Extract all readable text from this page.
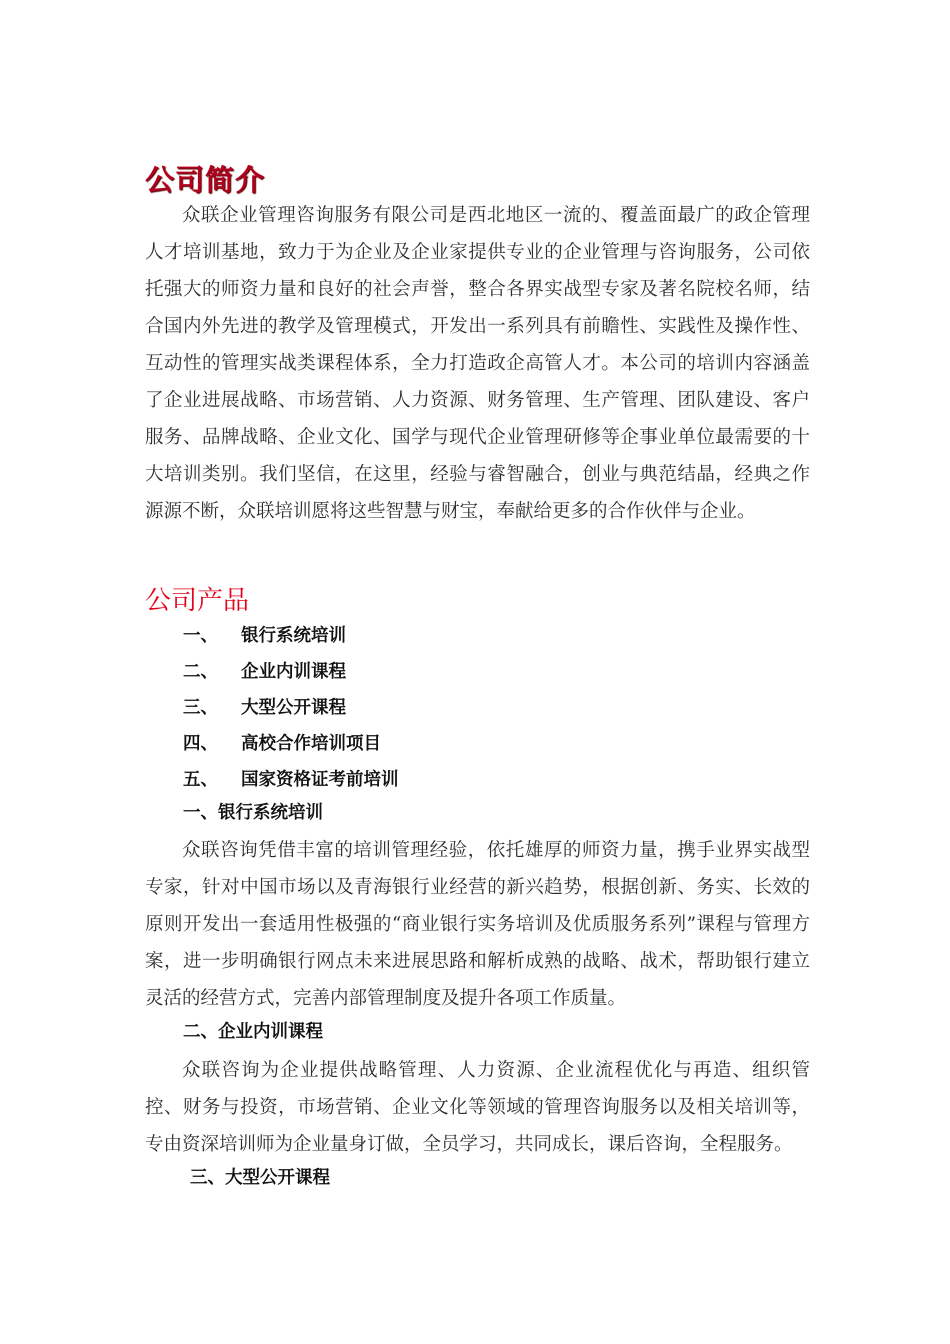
公司简介

众联企业管理咨询服务有限公司是西北地区一流的、覆盖面最广的政企管理人才培训基地，致力于为企业及企业家提供专业的企业管理与咨询服务，公司依托强大的师资力量和良好的社会声誉，整合各界实战型专家及著名院校名师，结合国内外先进的教学及管理模式，开发出一系列具有前瞻性、实践性及操作性、互动性的管理实战类课程体系，全力打造政企高管人才。本公司的培训内容涵盖了企业进展战略、市场营销、人力资源、财务管理、生产管理、团队建设、客户服务、品牌战略、企业文化、国学与现代企业管理研修等企事业单位最需要的十大培训类别。我们坚信，在这里，经验与睿智融合，创业与典范结晶，经典之作源源不断，众联培训愿将这些智慧与财宝，奉献给更多的合作伙伴与企业。

公司产品
一、 银行系统培训
二、 企业内训课程
三、 大型公开课程
四、 高校合作培训项目
五、 国家资格证考前培训
一、银行系统培训

众联咨询凭借丰富的培训管理经验，依托雄厚的师资力量，携手业界实战型专家，针对中国市场以及青海银行业经营的新兴趋势，根据创新、务实、长效的原则开发出一套适用性极强的“商业银行实务培训及优质服务系列”课程与管理方案，进一步明确银行网点未来进展思路和解析成熟的战略、战术，帮助银行建立灵活的经营方式，完善内部管理制度及提升各项工作质量。

二、企业内训课程

众联咨询为企业提供战略管理、人力资源、企业流程优化与再造、组织管控、财务与投资，市场营销、企业文化等领域的管理咨询服务以及相关培训等，专由资深培训师为企业量身订做，全员学习，共同成长，课后咨询，全程服务。

三、大型公开课程
